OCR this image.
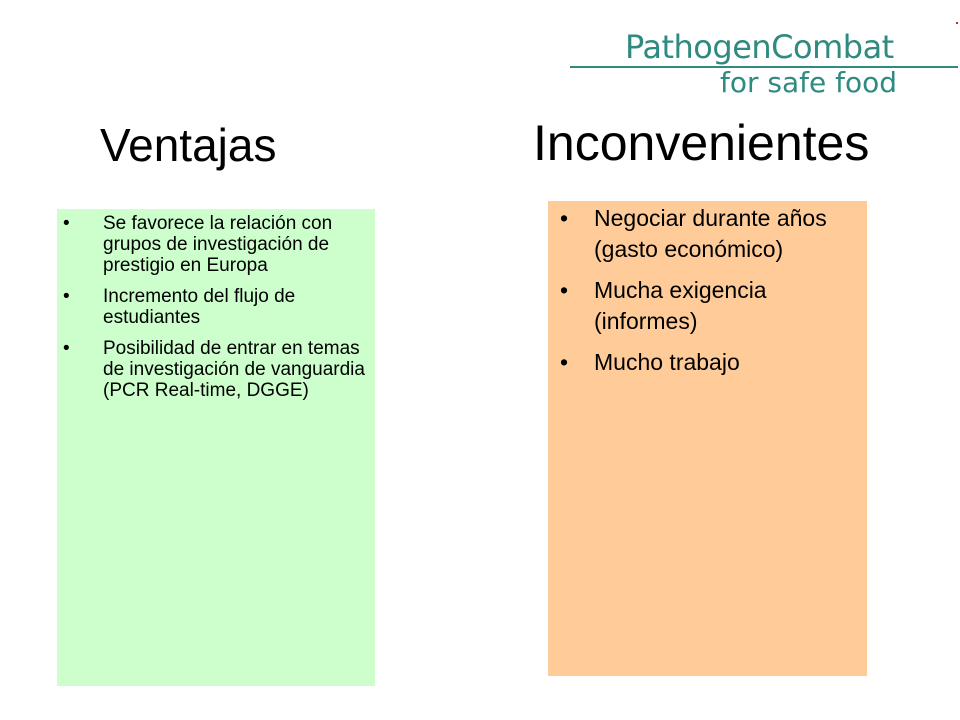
PathogenCombat
for safe food
Ventajas	Inconvenientes
• Se favorece la relación con grupos de investigación de prestigio en Europa
• Incremento del flujo de estudiantes
• Posibilidad de entrar en temas de investigación de vanguardia (PCR Real-time, DGGE)
• Negociar durante años (gasto económico)
• Mucha exigencia (informes)
• Mucho trabajo
